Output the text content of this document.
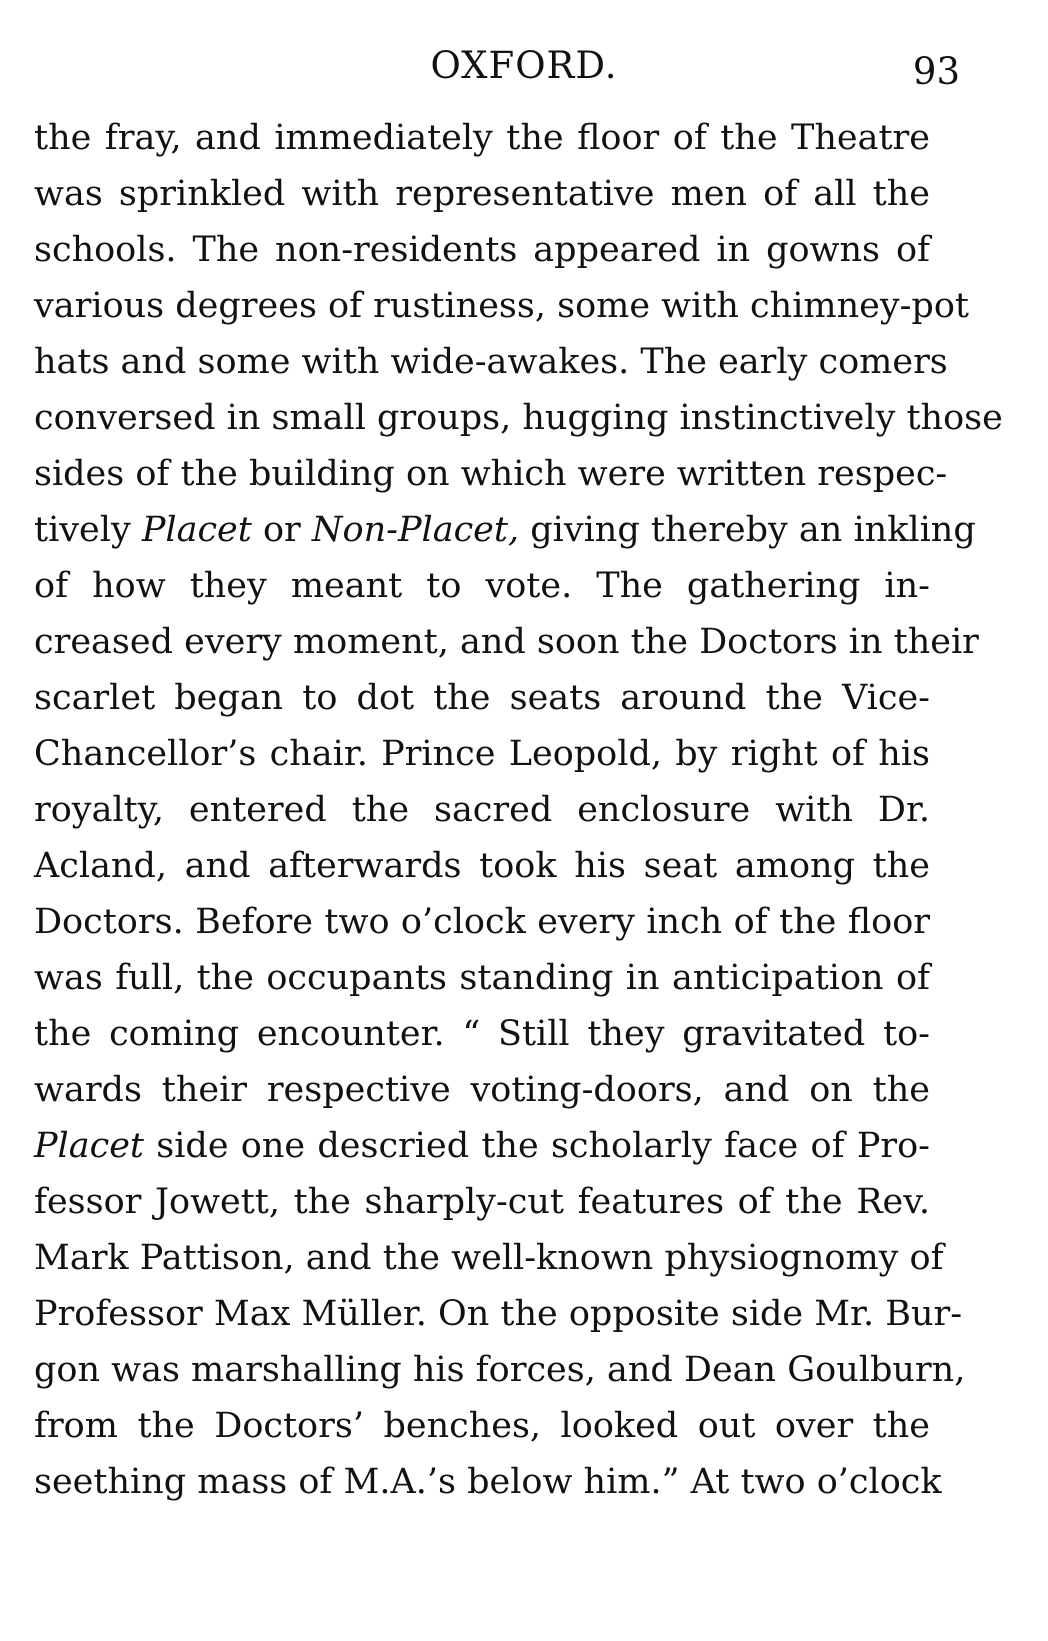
OXFORD.	93
the fray, and immediately the floor of the Theatre
was sprinkled with representative men of all the
schools. The non-residents appeared in gowns of
various degrees of rustiness, some with chimney-pot
hats and some with wide-awakes. The early comers
conversed in small groups, hugging instinctively those
sides of the building on which were written respec-
tively Placet or Non-Placet, giving thereby an inkling
of how they meant to vote. The gathering in-
creased every moment, and soon the Doctors in their
scarlet began to dot the seats around the Vice-
Chancellor’s chair. Prince Leopold, by right of his
royalty, entered the sacred enclosure with Dr.
Acland, and afterwards took his seat among the
Doctors. Before two o’clock every inch of the floor
was full, the occupants standing in anticipation of
the coming encounter. “ Still they gravitated to-
wards their respective voting-doors, and on the
Placet side one descried the scholarly face of Pro-
fessor Jowett, the sharply-cut features of the Rev.
Mark Pattison, and the well-known physiognomy of
Professor Max Müller. On the opposite side Mr. Bur-
gon was marshalling his forces, and Dean Goulburn,
from the Doctors’ benches, looked out over the
seething mass of M.A.’s below him.” At two o’clock
